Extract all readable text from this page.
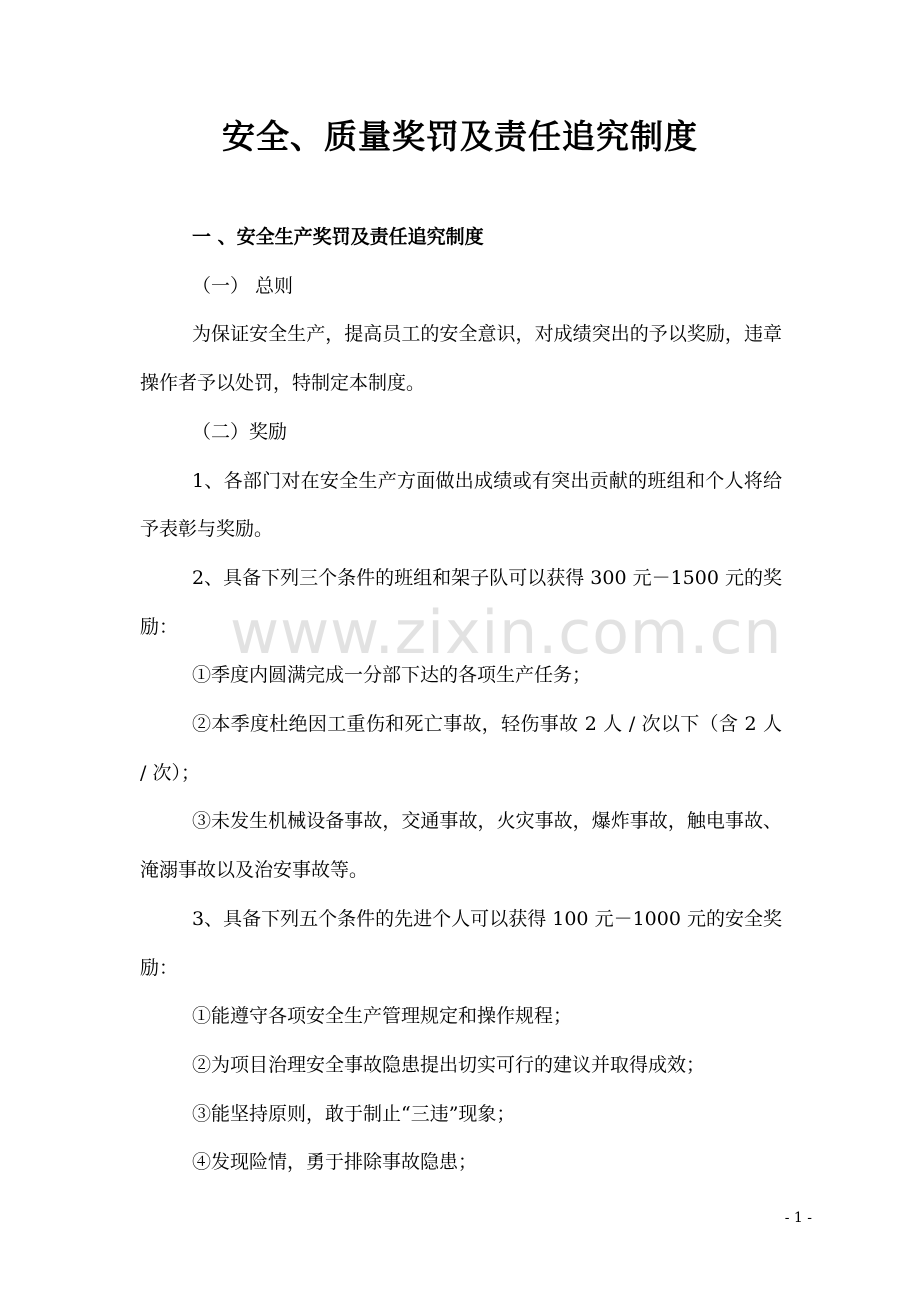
安全、质量奖罚及责任追究制度

一 、安全生产奖罚及责任追究制度

（一） 总则

为保证安全生产，提高员工的安全意识，对成绩突出的予以奖励，违章操作者予以处罚，特制定本制度。

（二）奖励

1、各部门对在安全生产方面做出成绩或有突出贡献的班组和个人将给予表彰与奖励。

2、具备下列三个条件的班组和架子队可以获得 300 元－1500 元的奖励：

①季度内圆满完成一分部下达的各项生产任务；

②本季度杜绝因工重伤和死亡事故，轻伤事故 2 人 / 次以下（含 2 人 / 次）；

③未发生机械设备事故，交通事故，火灾事故，爆炸事故，触电事故、淹溺事故以及治安事故等。

3、具备下列五个条件的先进个人可以获得 100 元－1000 元的安全奖励：

①能遵守各项安全生产管理规定和操作规程；

②为项目治理安全事故隐患提出切实可行的建议并取得成效；

③能坚持原则，敢于制止“三违”现象；

④发现险情，勇于排除事故隐患；

www.zixin.com.cn
- 1 -
